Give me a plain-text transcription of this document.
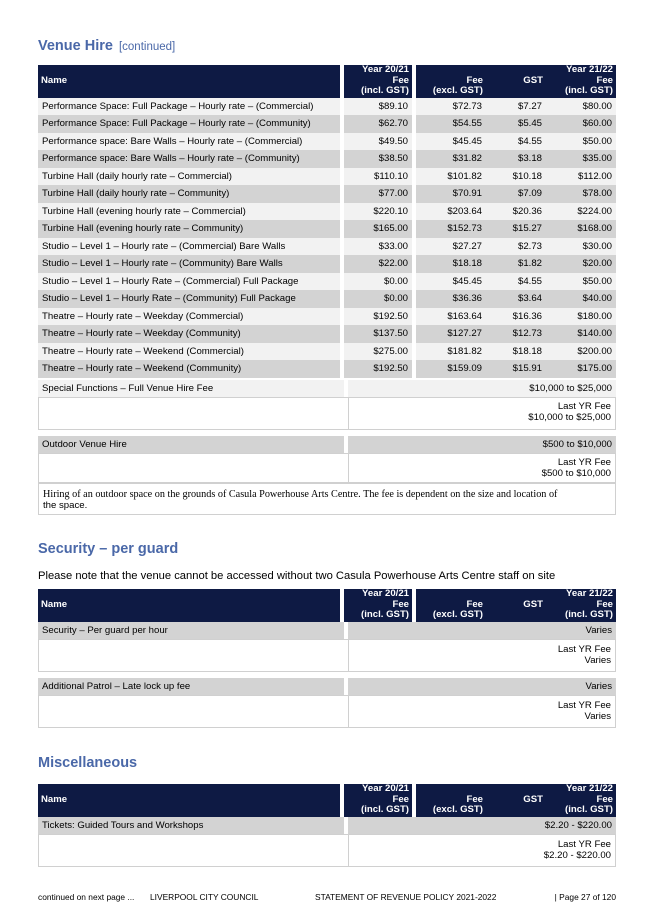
Venue Hire [continued]
Name	Year 20/21			Year 21/22
	Fee	Fee	GST	Fee
	(incl. GST)	(excl. GST)		(incl. GST)
Performance Space: Full Package – Hourly rate – (Commercial)	$89.10	$72.73	$7.27	$80.00
Performance Space: Full Package – Hourly rate – (Community)	$62.70	$54.55	$5.45	$60.00
Performance space: Bare Walls – Hourly rate – (Commercial)	$49.50	$45.45	$4.55	$50.00
Performance space: Bare Walls – Hourly rate – (Community)	$38.50	$31.82	$3.18	$35.00
Turbine Hall (daily hourly rate – Commercial)	$110.10	$101.82	$10.18	$112.00
Turbine Hall (daily hourly rate – Community)	$77.00	$70.91	$7.09	$78.00
Turbine Hall (evening hourly rate – Commercial)	$220.10	$203.64	$20.36	$224.00
Turbine Hall (evening hourly rate – Community)	$165.00	$152.73	$15.27	$168.00
Studio – Level 1 – Hourly rate – (Commercial) Bare Walls	$33.00	$27.27	$2.73	$30.00
Studio – Level 1 – Hourly rate – (Community) Bare Walls	$22.00	$18.18	$1.82	$20.00
Studio – Level 1 – Hourly Rate – (Commercial) Full Package	$0.00	$45.45	$4.55	$50.00
Studio – Level 1 – Hourly Rate – (Community) Full Package	$0.00	$36.36	$3.64	$40.00
Theatre – Hourly rate – Weekday (Commercial)	$192.50	$163.64	$16.36	$180.00
Theatre – Hourly rate – Weekday (Community)	$137.50	$127.27	$12.73	$140.00
Theatre – Hourly rate – Weekend (Commercial)	$275.00	$181.82	$18.18	$200.00
Theatre – Hourly rate – Weekend (Community)	$192.50	$159.09	$15.91	$175.00
Special Functions – Full Venue Hire Fee	$10,000 to $25,000
Last YR Fee
$10,000 to $25,000
Outdoor Venue Hire	$500 to $10,000
Last YR Fee
$500 to $10,000
Hiring of an outdoor space on the grounds of Casula Powerhouse Arts Centre. The fee is dependent on the size and location of
the space.
Security – per guard
Please note that the venue cannot be accessed without two Casula Powerhouse Arts Centre staff on site
Name	Year 20/21			Year 21/22
	Fee	Fee	GST	Fee
	(incl. GST)	(excl. GST)		(incl. GST)
Security – Per guard per hour	Varies
Last YR Fee
Varies
Additional Patrol – Late lock up fee	Varies
Last YR Fee
Varies
Miscellaneous
Name	Year 20/21			Year 21/22
	Fee	Fee	GST	Fee
	(incl. GST)	(excl. GST)		(incl. GST)
Tickets: Guided Tours and Workshops	$2.20 - $220.00
Last YR Fee
$2.20 - $220.00
continued on next page ... LIVERPOOL CITY COUNCIL	STATEMENT OF REVENUE POLICY 2021-2022	| Page 27 of 120
